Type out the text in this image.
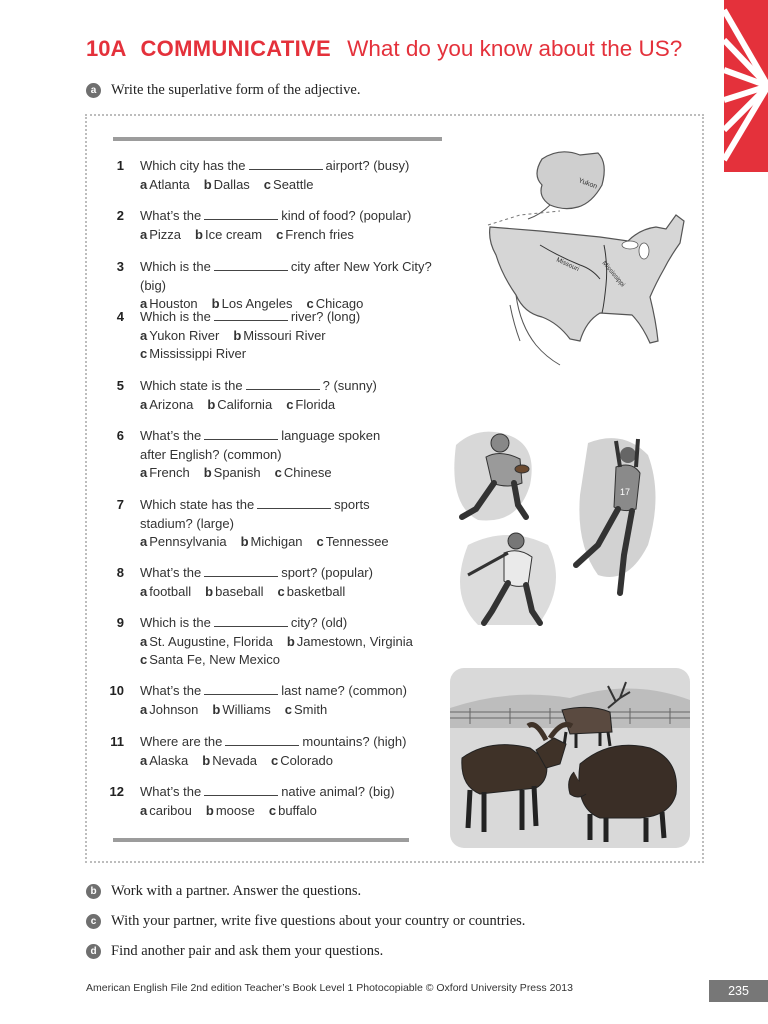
10A COMMUNICATIVE What do you know about the US?
a	Write the superlative form of the adjective.
1 Which city has the	airport? (busy)
a Atlanta b Dallas c Seattle
2 What’s the	kind of food? (popular)
a Pizza b Ice cream c French fries
3 Which is the	city after New York City? (big)
a Houston b Los Angeles c Chicago
4 Which is the	river? (long)
a Yukon River b Missouri River
c Mississippi River
5 Which state is the	? (sunny)
a Arizona b California c Florida
6 What’s the	language spoken
after English? (common)
a French b Spanish c Chinese
7 Which state has the	sports
stadium? (large)
a Pennsylvania b Michigan c Tennessee
8 What’s the	sport? (popular)
a football b baseball c basketball
9 Which is the	city? (old)
a St. Augustine, Florida b Jamestown, Virginia
c Santa Fe, New Mexico
10 What’s the	last name? (common)
a Johnson b Williams c Smith
11 Where are the	mountains? (high)
a Alaska b Nevada c Colorado
12 What’s the	native animal? (big)
a caribou b moose c buffalo
Yukon
Missouri	Mississippi
17
b Work with a partner. Answer the questions.
c	With your partner, write five questions about your country or countries.
d Find another pair and ask them your questions.
American English File 2nd edition Teacher’s Book Level 1 Photocopiable © Oxford University Press 2013	235
